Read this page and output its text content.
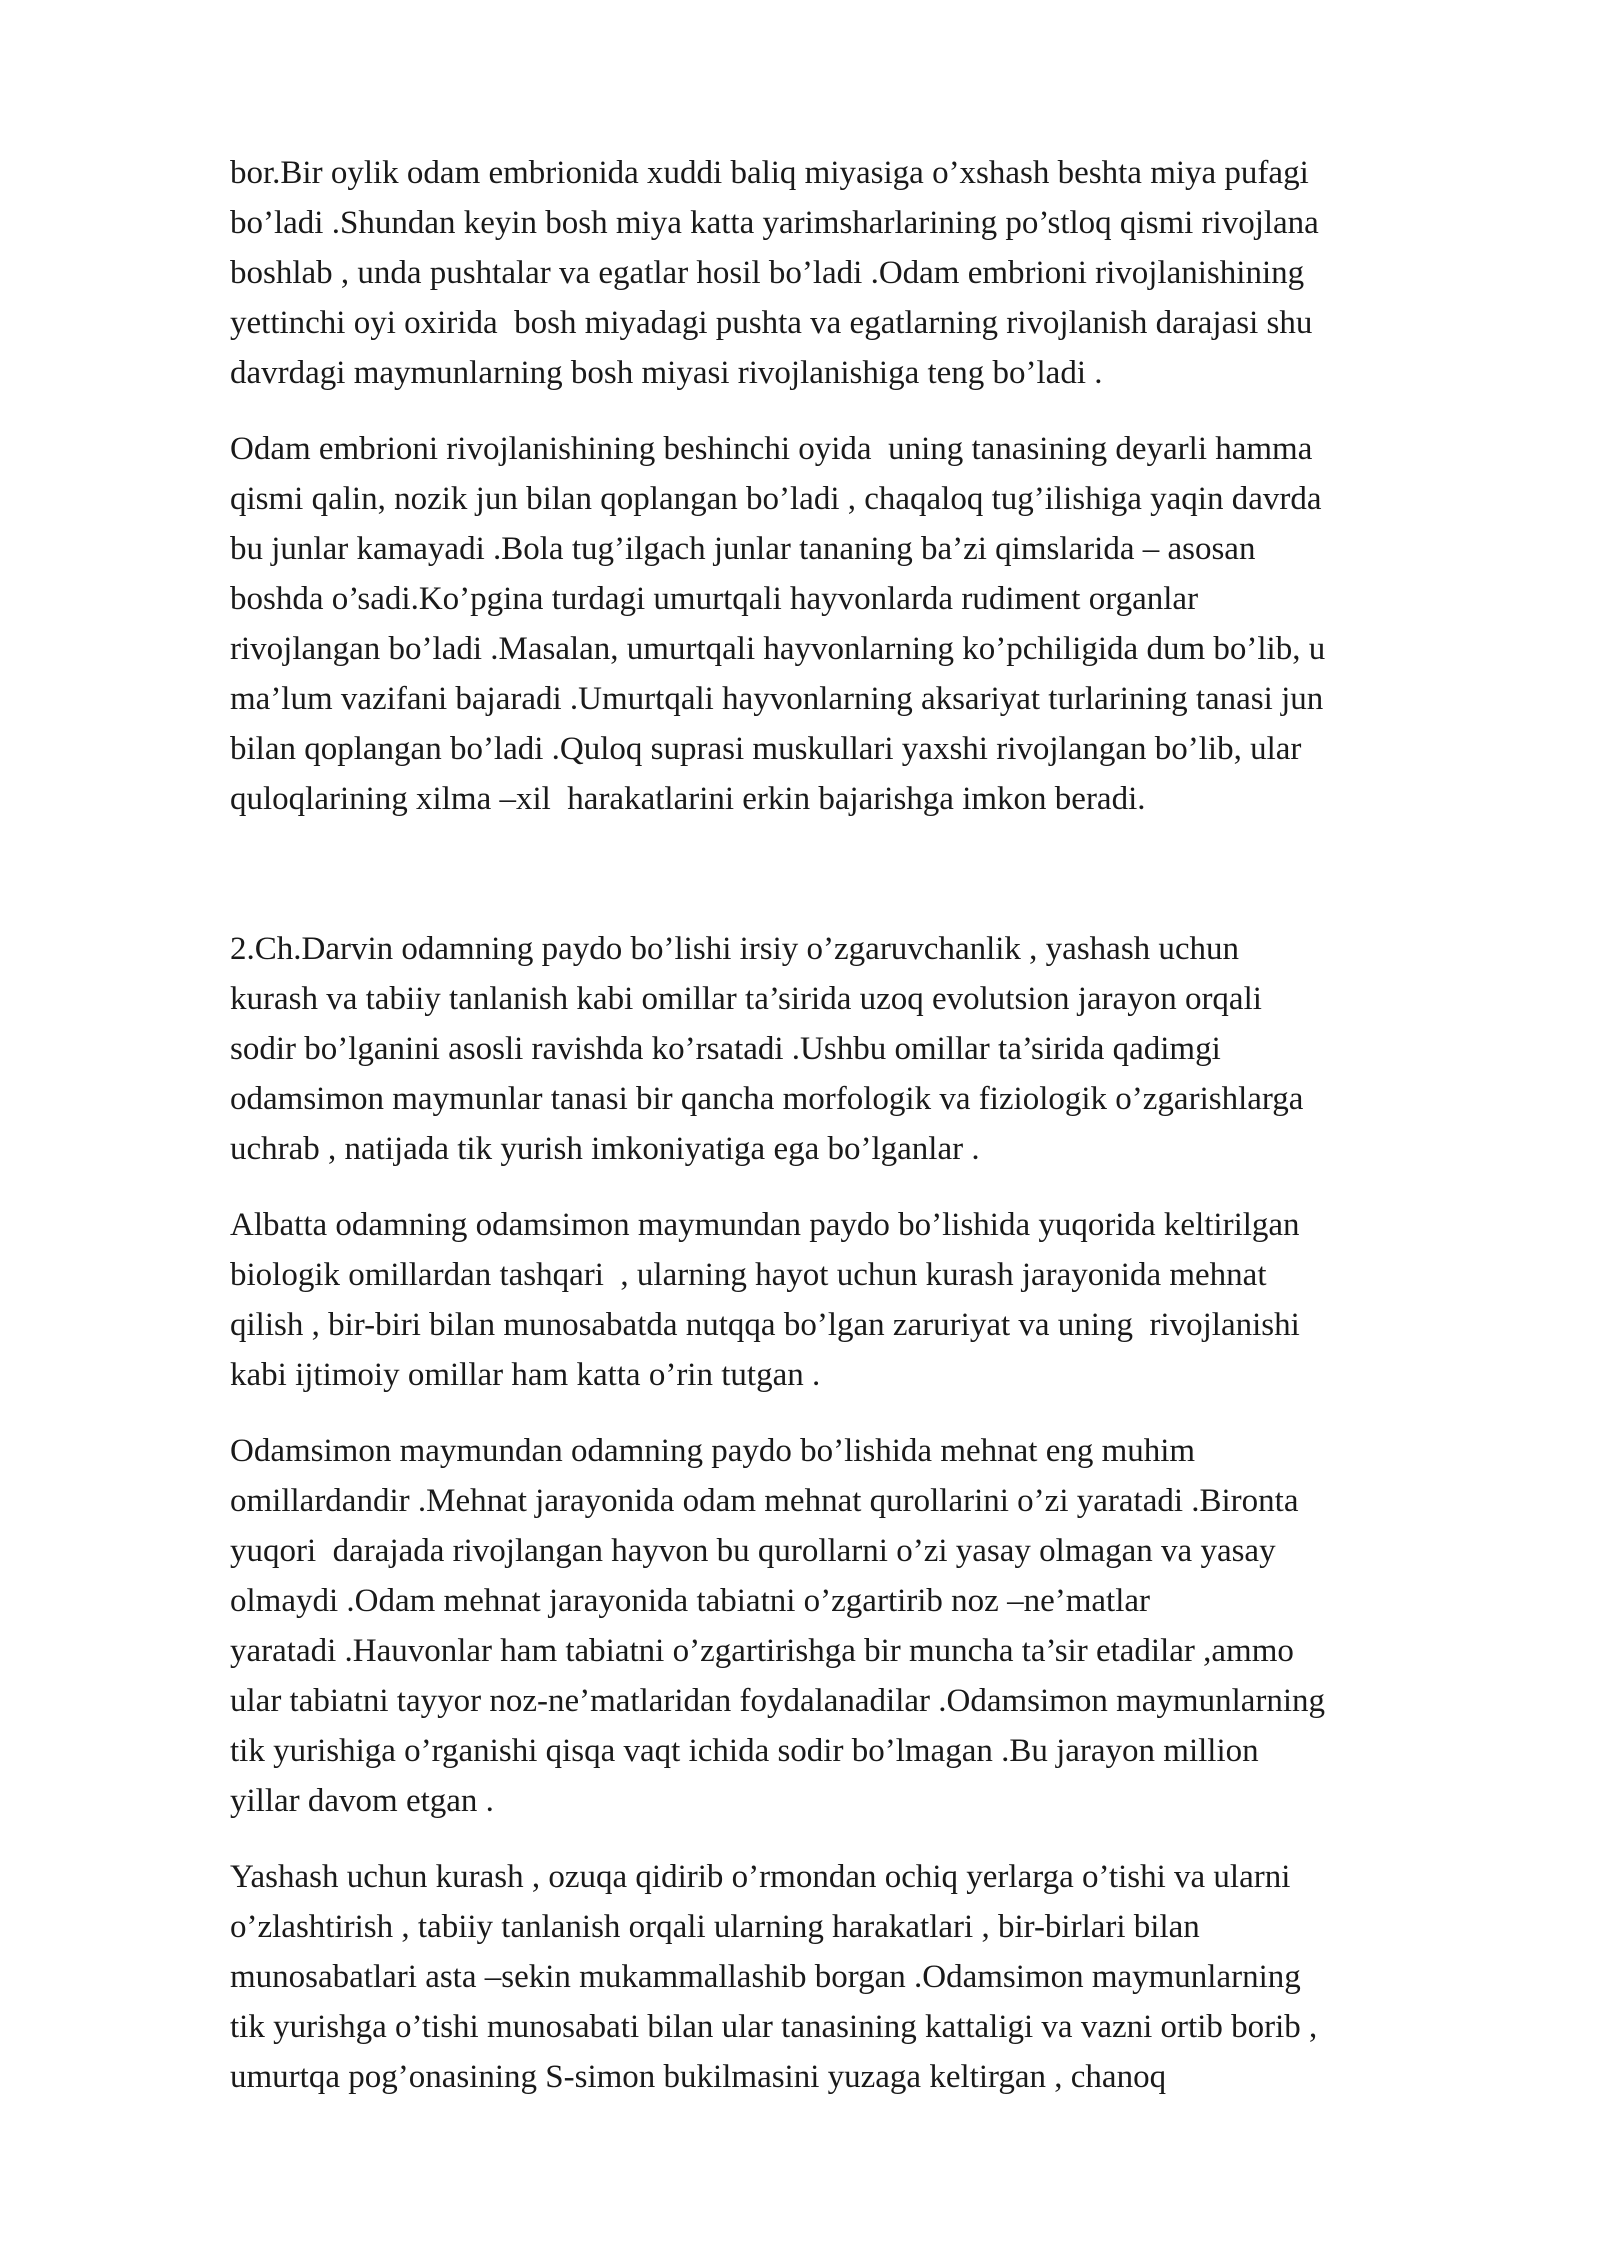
bor.Bir oylik odam embrionida xuddi baliq miyasiga o’xshash beshta miya pufagi
bo’ladi .Shundan keyin bosh miya katta yarimsharlarining po’stloq qismi rivojlana
boshlab , unda pushtalar va egatlar hosil bo’ladi .Odam embrioni rivojlanishining
yettinchi oyi oxirida  bosh miyadagi pushta va egatlarning rivojlanish darajasi shu
davrdagi maymunlarning bosh miyasi rivojlanishiga teng bo’ladi .
Odam embrioni rivojlanishining beshinchi oyida  uning tanasining deyarli hamma
qismi qalin, nozik jun bilan qoplangan bo’ladi , chaqaloq tug’ilishiga yaqin davrda
bu junlar kamayadi .Bola tug’ilgach junlar tananing ba’zi qimslarida – asosan
boshda o’sadi.Ko’pgina turdagi umurtqali hayvonlarda rudiment organlar
rivojlangan bo’ladi .Masalan, umurtqali hayvonlarning ko’pchiligida dum bo’lib, u
ma’lum vazifani bajaradi .Umurtqali hayvonlarning aksariyat turlarining tanasi jun
bilan qoplangan bo’ladi .Quloq suprasi muskullari yaxshi rivojlangan bo’lib, ular
quloqlarining xilma –xil  harakatlarini erkin bajarishga imkon beradi.
2.Ch.Darvin odamning paydo bo’lishi irsiy o’zgaruvchanlik , yashash uchun
kurash va tabiiy tanlanish kabi omillar ta’sirida uzoq evolutsion jarayon orqali
sodir bo’lganini asosli ravishda ko’rsatadi .Ushbu omillar ta’sirida qadimgi
odamsimon maymunlar tanasi bir qancha morfologik va fiziologik o’zgarishlarga
uchrab , natijada tik yurish imkoniyatiga ega bo’lganlar .
Albatta odamning odamsimon maymundan paydo bo’lishida yuqorida keltirilgan
biologik omillardan tashqari  , ularning hayot uchun kurash jarayonida mehnat
qilish , bir-biri bilan munosabatda nutqqa bo’lgan zaruriyat va uning  rivojlanishi
kabi ijtimoiy omillar ham katta o’rin tutgan .
Odamsimon maymundan odamning paydo bo’lishida mehnat eng muhim
omillardandir .Mehnat jarayonida odam mehnat qurollarini o’zi yaratadi .Bironta
yuqori  darajada rivojlangan hayvon bu qurollarni o’zi yasay olmagan va yasay
olmaydi .Odam mehnat jarayonida tabiatni o’zgartirib noz –ne’matlar
yaratadi .Hauvonlar ham tabiatni o’zgartirishga bir muncha ta’sir etadilar ,ammo
ular tabiatni tayyor noz-ne’matlaridan foydalanadilar .Odamsimon maymunlarning
tik yurishiga o’rganishi qisqa vaqt ichida sodir bo’lmagan .Bu jarayon million
yillar davom etgan .
Yashash uchun kurash , ozuqa qidirib o’rmondan ochiq yerlarga o’tishi va ularni
o’zlashtirish , tabiiy tanlanish orqali ularning harakatlari , bir-birlari bilan
munosabatlari asta –sekin mukammallashib borgan .Odamsimon maymunlarning
tik yurishga o’tishi munosabati bilan ular tanasining kattaligi va vazni ortib borib ,
umurtqa pog’onasining S-simon bukilmasini yuzaga keltirgan , chanoq
